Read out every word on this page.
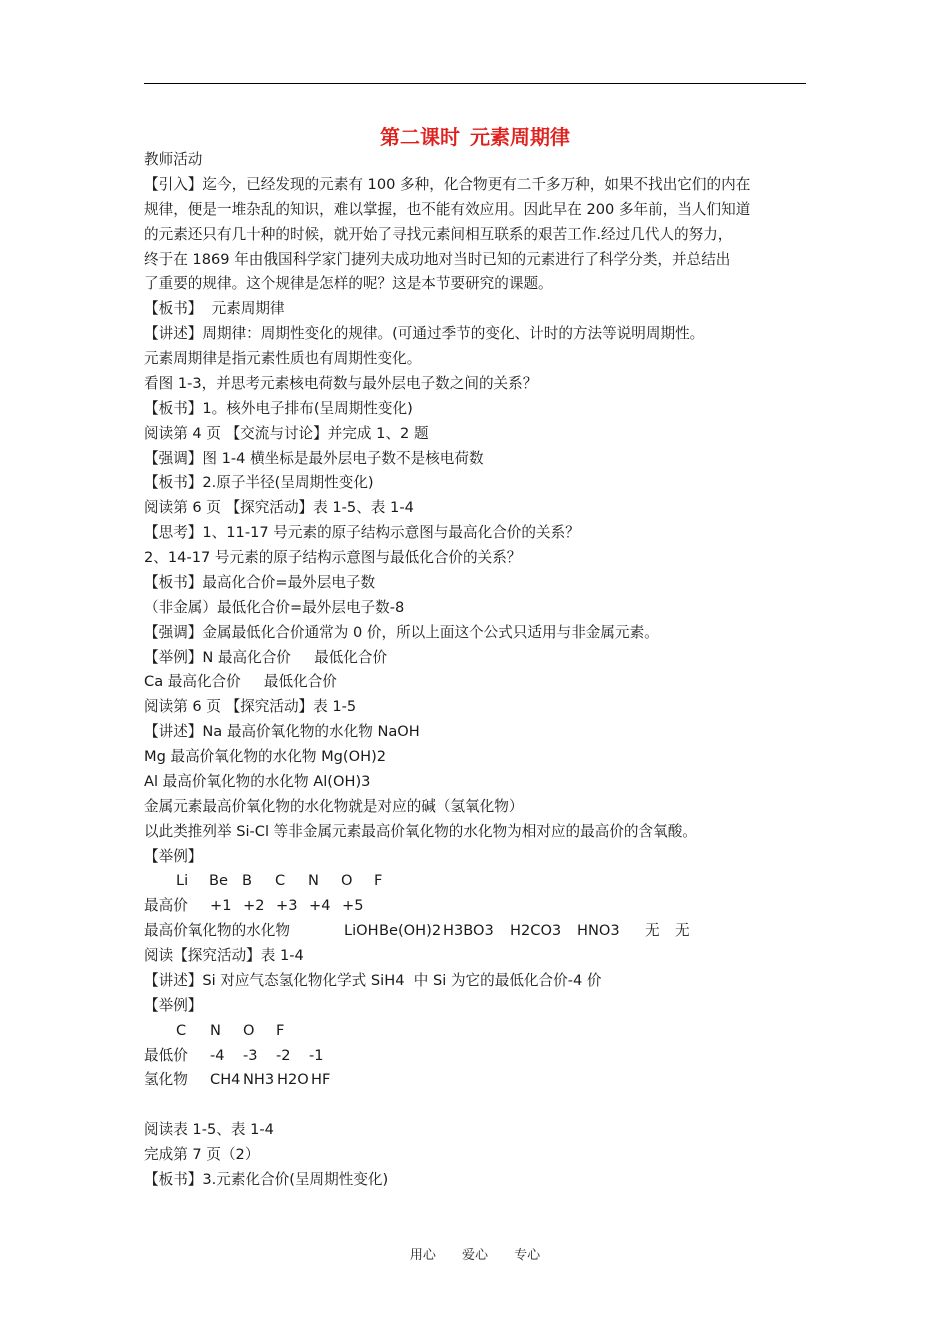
第二课时 元素周期律
教师活动
【引入】迄今，已经发现的元素有 100 多种，化合物更有二千多万种，如果不找出它们的内在
规律，便是一堆杂乱的知识，难以掌握，也不能有效应用。因此早在 200 多年前，当人们知道
的元素还只有几十种的时候，就开始了寻找元素间相互联系的艰苦工作.经过几代人的努力，
终于在 1869 年由俄国科学家门捷列夫成功地对当时已知的元素进行了科学分类，并总结出
了重要的规律。这个规律是怎样的呢？这是本节要研究的课题。
【板书】  元素周期律
【讲述】周期律：周期性变化的规律。(可通过季节的变化、计时的方法等说明周期性。
元素周期律是指元素性质也有周期性变化。
看图 1-3，并思考元素核电荷数与最外层电子数之间的关系？
【板书】1。核外电子排布(呈周期性变化)
阅读第 4 页 【交流与讨论】并完成 1、2 题
【强调】图 1-4 横坐标是最外层电子数不是核电荷数
【板书】2.原子半径(呈周期性变化)
阅读第 6 页 【探究活动】表 1-5、表 1-4
【思考】1、11-17 号元素的原子结构示意图与最高化合价的关系？
2、14-17 号元素的原子结构示意图与最低化合价的关系？
【板书】最高化合价=最外层电子数
（非金属）最低化合价=最外层电子数-8
【强调】金属最低化合价通常为 0 价，所以上面这个公式只适用与非金属元素。
【举例】N 最高化合价     最低化合价
Ca 最高化合价     最低化合价
阅读第 6 页 【探究活动】表 1-5
【讲述】Na 最高价氧化物的水化物 NaOH
Mg 最高价氧化物的水化物 Mg(OH)2
Al 最高价氧化物的水化物 Al(OH)3
金属元素最高价氧化物的水化物就是对应的碱（氢氧化物）
以此类推列举 Si-Cl 等非金属元素最高价氧化物的水化物为相对应的最高价的含氧酸。
【举例】
Li Be B C N O F
最高价 +1 +2 +3 +4 +5
最高价氧化物的水化物	LiOHBe(OH)2 H3BO3 H2CO3 HNO3 无 无
阅读【探究活动】表 1-4
【讲述】Si 对应气态氢化物化学式 SiH4  中 Si 为它的最低化合价-4 价
【举例】
C N O F
最低价 -4 -3 -2 -1
氢化物 CH4 NH3 H2O HF
阅读表 1-5、表 1-4
完成第 7 页（2）
【板书】3.元素化合价(呈周期性变化)
用心 爱心 专心
